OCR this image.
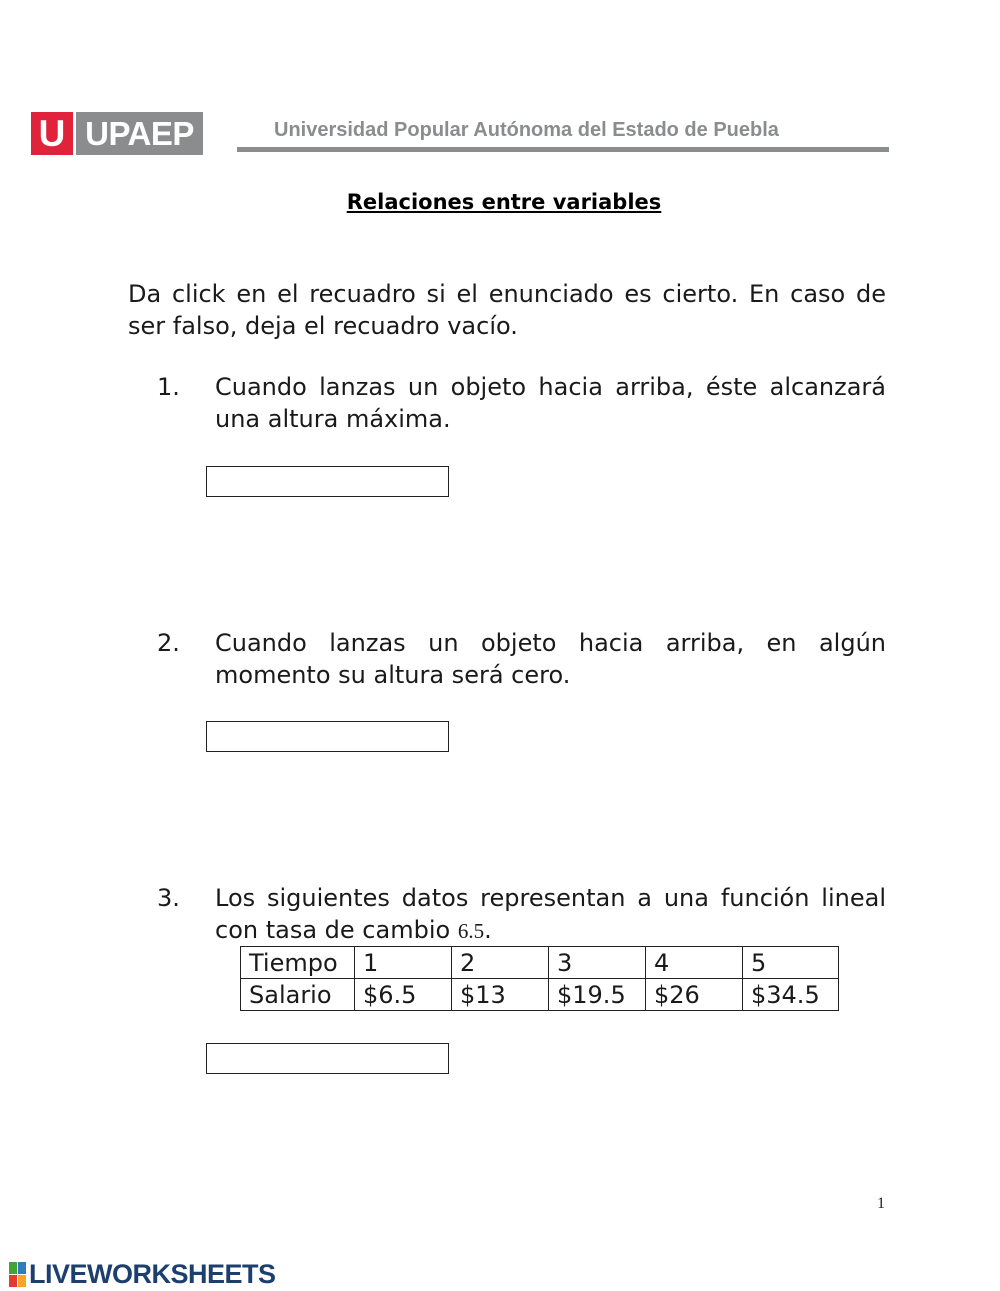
U UPAEP	Universidad Popular Autónoma del Estado de Puebla
Relaciones entre variables
Da click en el recuadro si el enunciado es cierto. En caso de ser falso, deja el recuadro vacío.
1. Cuando lanzas un objeto hacia arriba, éste alcanzará una altura máxima.
2. Cuando lanzas un objeto hacia arriba, en algún momento su altura será cero.
3. Los siguientes datos representan a una función lineal con tasa de cambio 6.5.
Tiempo	1	2	3	4	5
Salario	$6.5	$13	$19.5	$26	$34.5
1
LIVEWORKSHEETS
